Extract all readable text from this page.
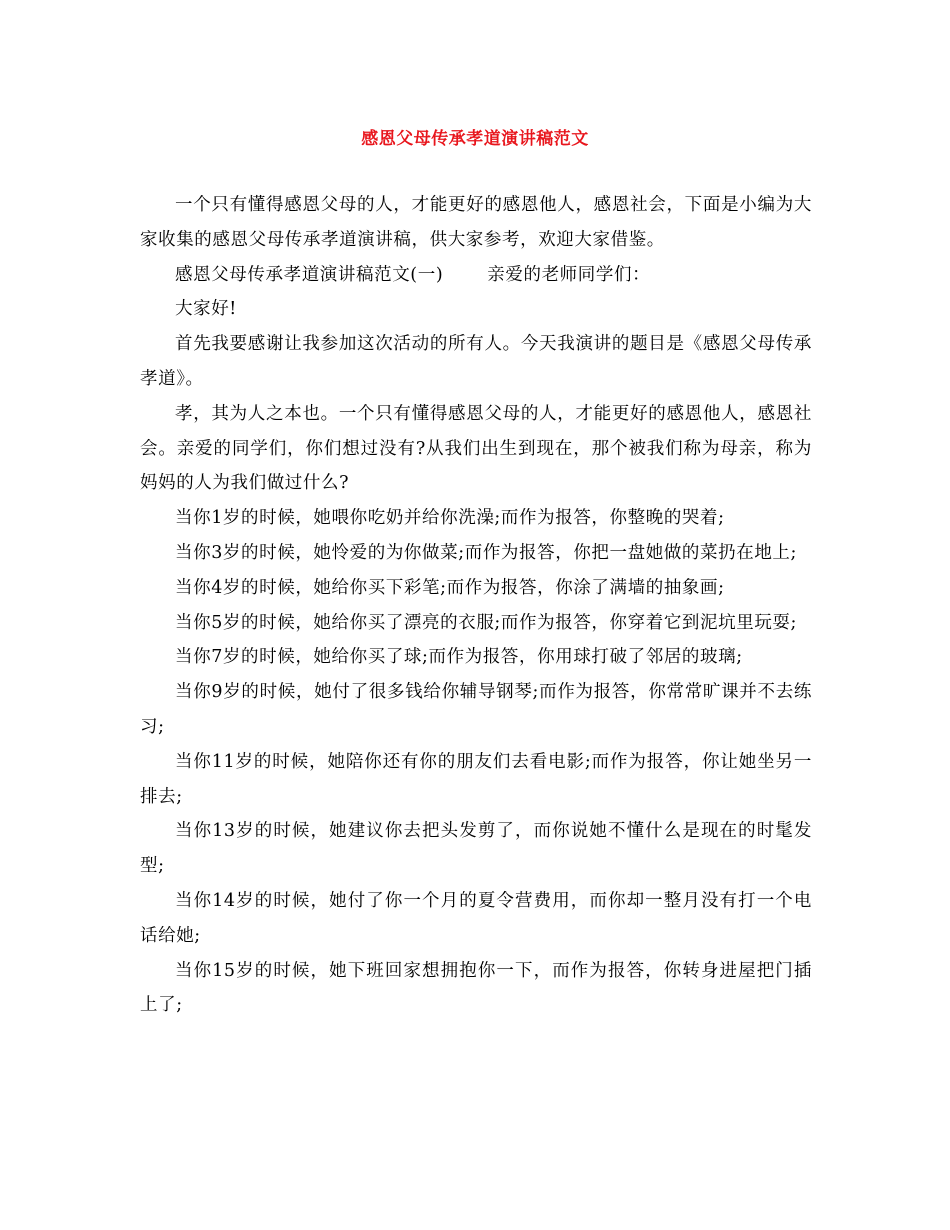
感恩父母传承孝道演讲稿范文

一个只有懂得感恩父母的人，才能更好的感恩他人，感恩社会，下面是小编为大家收集的感恩父母传承孝道演讲稿，供大家参考，欢迎大家借鉴。

感恩父母传承孝道演讲稿范文(一)	亲爱的老师同学们：

大家好!

首先我要感谢让我参加这次活动的所有人。今天我演讲的题目是《感恩父母传承孝道》。

孝，其为人之本也。一个只有懂得感恩父母的人，才能更好的感恩他人，感恩社会。亲爱的同学们，你们想过没有?从我们出生到现在，那个被我们称为母亲，称为妈妈的人为我们做过什么?

当你1岁的时候，她喂你吃奶并给你洗澡;而作为报答，你整晚的哭着;

当你3岁的时候，她怜爱的为你做菜;而作为报答，你把一盘她做的菜扔在地上;

当你4岁的时候，她给你买下彩笔;而作为报答，你涂了满墙的抽象画;

当你5岁的时候，她给你买了漂亮的衣服;而作为报答，你穿着它到泥坑里玩耍;

当你7岁的时候，她给你买了球;而作为报答，你用球打破了邻居的玻璃;

当你9岁的时候，她付了很多钱给你辅导钢琴;而作为报答，你常常旷课并不去练习;

当你11岁的时候，她陪你还有你的朋友们去看电影;而作为报答，你让她坐另一排去;

当你13岁的时候，她建议你去把头发剪了，而你说她不懂什么是现在的时髦发型;

当你14岁的时候，她付了你一个月的夏令营费用，而你却一整月没有打一个电话给她;

当你15岁的时候，她下班回家想拥抱你一下，而作为报答，你转身进屋把门插上了;
